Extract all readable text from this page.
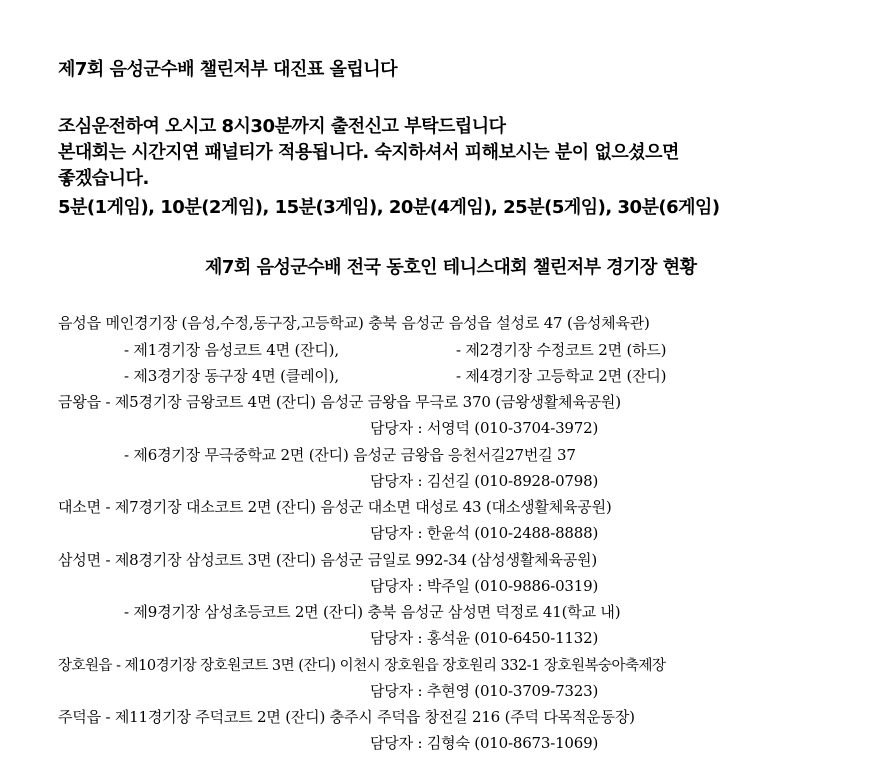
제7회 음성군수배 챌린저부 대진표 올립니다
조심운전하여 오시고 8시30분까지 출전신고 부탁드립니다
본대회는 시간지연 패널티가 적용됩니다. 숙지하셔서 피해보시는 분이 없으셨으면
좋겠습니다.
5분(1게임), 10분(2게임), 15분(3게임), 20분(4게임), 25분(5게임), 30분(6게임)
제7회 음성군수배 전국 동호인 테니스대회 챌린저부 경기장 현황
음성읍 메인경기장 (음성,수정,동구장,고등학교) 충북 음성군 음성읍 설성로 47 (음성체육관)
- 제1경기장 음성코트 4면 (잔디),	- 제2경기장 수정코트 2면 (하드)
- 제3경기장 동구장 4면 (클레이),	- 제4경기장 고등학교 2면 (잔디)
금왕읍 - 제5경기장 금왕코트 4면 (잔디) 음성군 금왕읍 무극로 370 (금왕생활체육공원)
담당자 : 서영덕 (010-3704-3972)
- 제6경기장 무극중학교 2면 (잔디) 음성군 금왕읍 응천서길27번길 37
담당자 : 김선길 (010-8928-0798)
대소면 - 제7경기장 대소코트 2면 (잔디) 음성군 대소면 대성로 43 (대소생활체육공원)
담당자 : 한윤석 (010-2488-8888)
삼성면 - 제8경기장 삼성코트 3면 (잔디) 음성군 금일로 992-34 (삼성생활체육공원)
담당자 : 박주일 (010-9886-0319)
- 제9경기장 삼성초등코트 2면 (잔디) 충북 음성군 삼성면 덕정로 41(학교 내)
담당자 : 홍석윤 (010-6450-1132)
장호원읍 - 제10경기장 장호원코트 3면 (잔디) 이천시 장호원읍 장호원리 332-1 장호원복숭아축제장
담당자 : 추현영 (010-3709-7323)
주덕읍 - 제11경기장 주덕코트 2면 (잔디) 충주시 주덕읍 창전길 216 (주덕 다목적운동장)
담당자 : 김형숙 (010-8673-1069)
